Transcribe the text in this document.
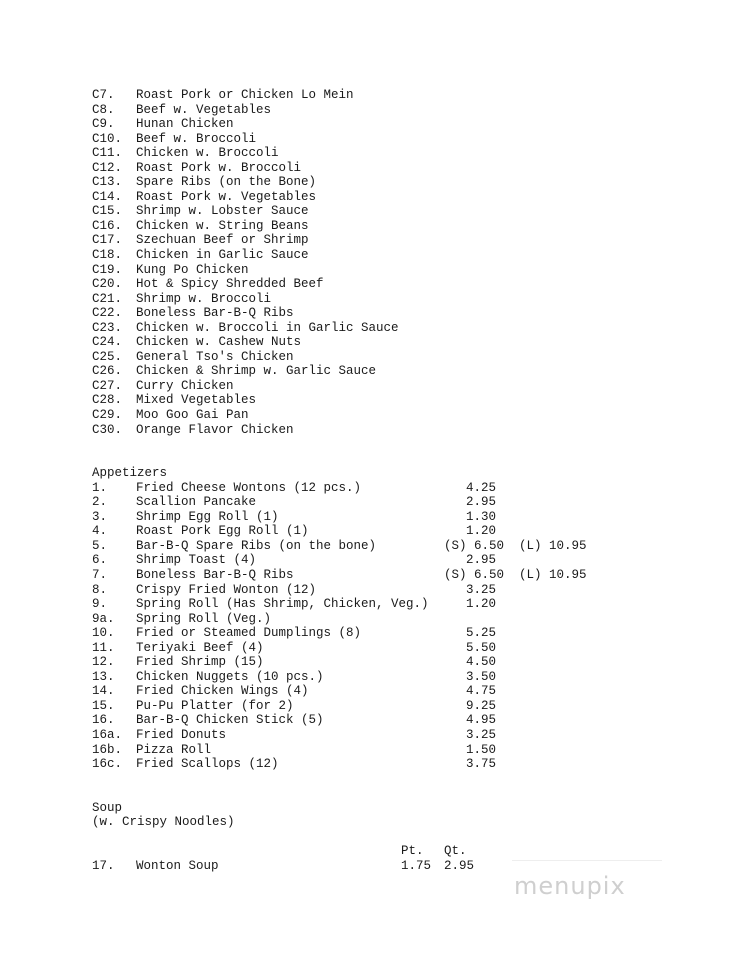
C7. Roast Pork or Chicken Lo Mein
C8. Beef w. Vegetables
C9. Hunan Chicken
C10. Beef w. Broccoli
C11. Chicken w. Broccoli
C12. Roast Pork w. Broccoli
C13. Spare Ribs (on the Bone)
C14. Roast Pork w. Vegetables
C15. Shrimp w. Lobster Sauce
C16. Chicken w. String Beans
C17. Szechuan Beef or Shrimp
C18. Chicken in Garlic Sauce
C19. Kung Po Chicken
C20. Hot & Spicy Shredded Beef
C21. Shrimp w. Broccoli
C22. Boneless Bar-B-Q Ribs
C23. Chicken w. Broccoli in Garlic Sauce
C24. Chicken w. Cashew Nuts
C25. General Tso's Chicken
C26. Chicken & Shrimp w. Garlic Sauce
C27. Curry Chicken
C28. Mixed Vegetables
C29. Moo Goo Gai Pan
C30. Orange Flavor Chicken
Appetizers
1. Fried Cheese Wontons (12 pcs.)	4.25
2. Scallion Pancake	2.95
3. Shrimp Egg Roll (1)	1.30
4. Roast Pork Egg Roll (1)	1.20
5. Bar-B-Q Spare Ribs (on the bone)	(S) 6.50  (L) 10.95
6. Shrimp Toast (4)	2.95
7. Boneless Bar-B-Q Ribs	(S) 6.50  (L) 10.95
8. Crispy Fried Wonton (12)	3.25
9. Spring Roll (Has Shrimp, Chicken, Veg.)	1.20
9a. Spring Roll (Veg.)
10. Fried or Steamed Dumplings (8)	5.25
11. Teriyaki Beef (4)	5.50
12. Fried Shrimp (15)	4.50
13. Chicken Nuggets (10 pcs.)	3.50
14. Fried Chicken Wings (4)	4.75
15. Pu-Pu Platter (for 2)	9.25
16. Bar-B-Q Chicken Stick (5)	4.95
16a. Fried Donuts	3.25
16b. Pizza Roll	1.50
16c. Fried Scallops (12)	3.75
Soup
(w. Crispy Noodles)
Pt. Qt.
17. Wonton Soup	1.75 2.95
menupix
